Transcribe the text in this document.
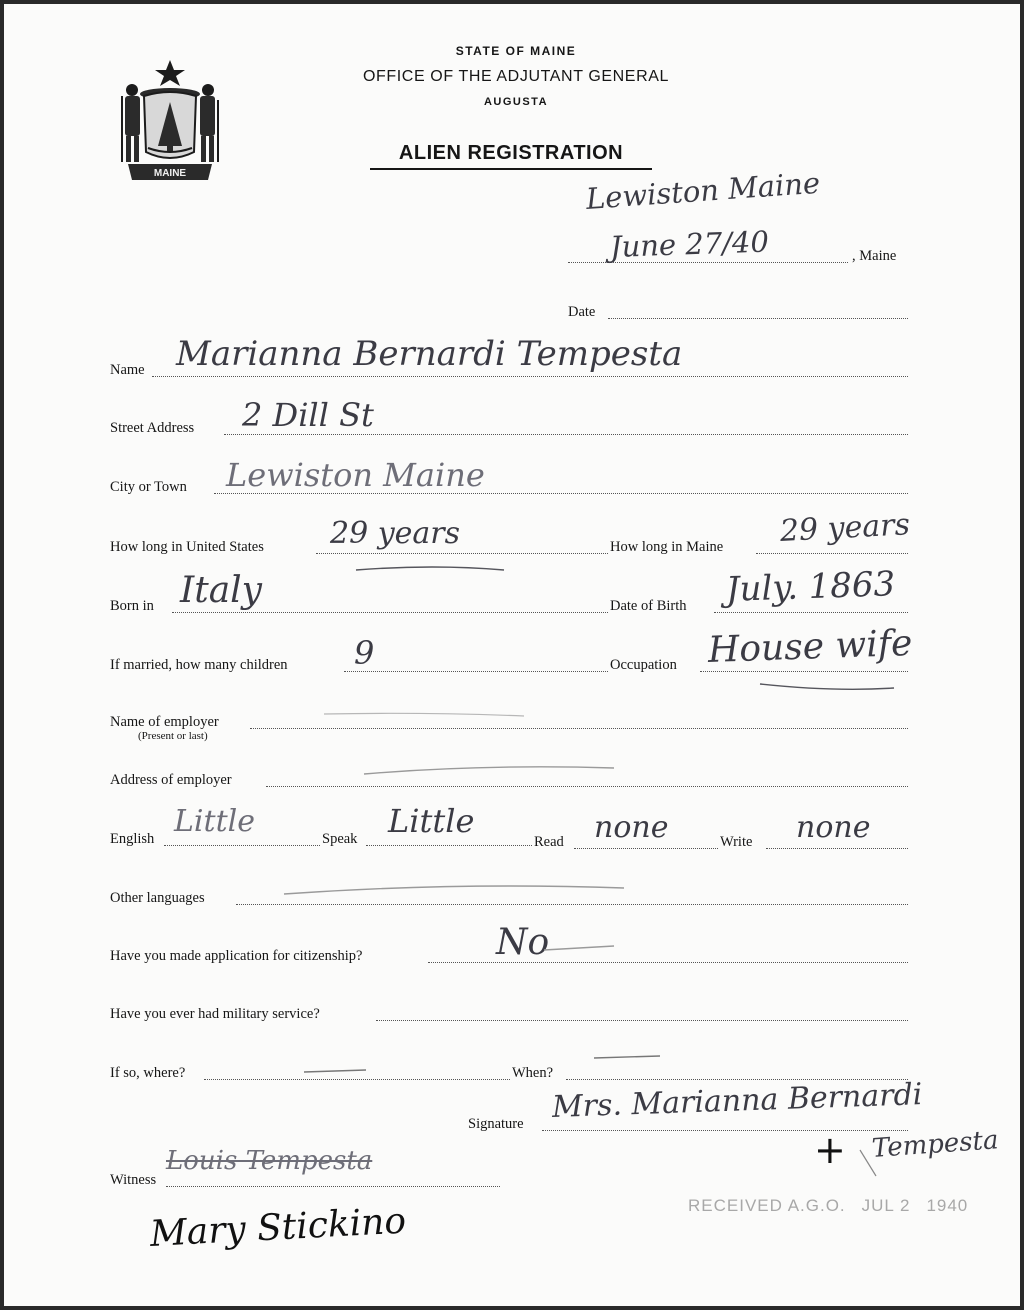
MAINE
STATE OF MAINE
OFFICE OF THE ADJUTANT GENERAL
AUGUSTA
ALIEN REGISTRATION
Lewiston Maine
June 27/40	, Maine
Date
Name Marianna Bernardi Tempesta
Street Address 2 Dill St
City or Town Lewiston Maine
How long in United States 29 years	How long in Maine 29 years
Born in Italy	Date of Birth July. 1863
If married, how many children 9	Occupation House wife
Name of employer
(Present or last)
Address of employer
English Little	Speak Little
Read none	Write none
Other languages
Have you made application for citizenship?	No
Have you ever had military service?
If so, where?	When?
Signature Mrs. Marianna Bernardi
+ Tempesta
Witness
Louis Tempesta
Mary Stickino	RECEIVED A.G.O. JUL 2 1940
